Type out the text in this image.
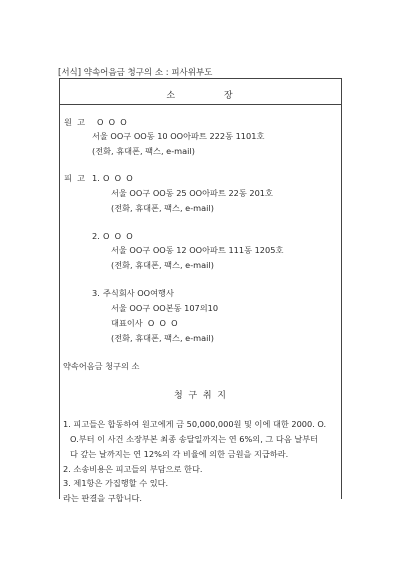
[서식] 약속어음금 청구의 소 : 피사위부도
소	장
원  고 O  O  O
서울 OO구 OO동 10 OO아파트 222동 1101호
(전화, 휴대폰, 팩스, e-mail)
피  고 1. O  O  O
서울 OO구 OO동 25 OO아파트 22동 201호
(전화, 휴대폰, 팩스, e-mail)
2. O  O  O
서울 OO구 OO동 12 OO아파트 111동 1205호
(전화, 휴대폰, 팩스, e-mail)
3. 주식회사 OO여행사
서울 OO구 OO본동 107의10
대표이사  O  O  O
(전화, 휴대폰, 팩스, e-mail)
약속어음금 청구의 소
청  구  취  지
1. 피고들은 합동하여 원고에게 금 50,000,000원 및 이에 대한 2000. O.
O.부터 이 사건 소장부본 최종 송달일까지는 연 6%의, 그 다음 날부터
다 갚는 날까지는 연 12%의 각 비율에 의한 금원을 지급하라.
2. 소송비용은 피고들의 부담으로 한다.
3. 제1항은 가집행할 수 있다.
라는 판결을 구합니다.
